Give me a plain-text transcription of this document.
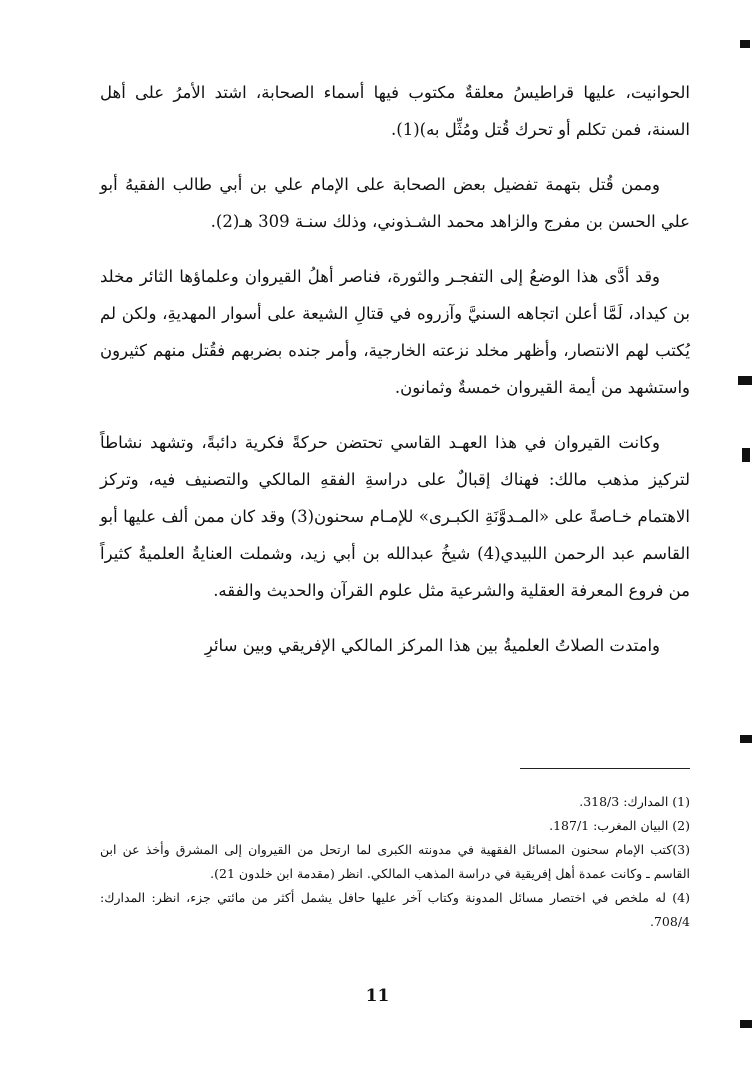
الحوانيت، عليها قراطيسُ معلقةٌ مكتوب فيها أسماء الصحابة، اشتد الأمرُ على أهل السنة، فمن تكلم أو تحرك قُتل ومُثِّل به)(1).

وممن قُتل بتهمة تفضيل بعض الصحابة على الإمام علي بن أبي طالب الفقيهُ أبو علي الحسن بن مفرج والزاهد محمد الشـذوني، وذلك سنـة 309 هـ(2).

وقد أدَّى هذا الوضعُ إلى التفجـر والثورة، فناصر أهلُ القيروان وعلماؤها الثائر مخلد بن كيداد، لَمَّا أعلن اتجاهه السنيَّ وآزروه في قتالِ الشيعة على أسوار المهديةِ، ولكن لم يُكتب لهم الانتصار، وأظهر مخلد نزعته الخارجية، وأمر جنده بضربهم فقُتل منهم كثيرون واستشهد من أيمة القيروان خمسةٌ وثمانون.

وكانت القيروان في هذا العهـد القاسي تحتضن حركةً فكرية دائبةً، وتشهد نشاطاً لتركيز مذهب مالك: فهناك إقبالٌ على دراسةِ الفقهِ المالكي والتصنيف فيه، وتركز الاهتمام خـاصةً على «المـدوَّنَةِ الكبـرى» للإمـام سحنون(3) وقد كان ممن ألف عليها أبو القاسم عبد الرحمن اللبيدي(4) شيخُ عبدالله بن أبي زيد، وشملت العنايةُ العلميةُ كثيراً من فروع المعرفة العقلية والشرعية مثل علوم القرآن والحديث والفقه.

وامتدت الصلاتُ العلميةُ بين هذا المركز المالكي الإفريقي وبين سائرِ

(1) المدارك: 318/3.

(2) البيان المغرب: 187/1.

(3)كتب الإمام سحنون المسائل الفقهية في مدونته الكبرى لما ارتحل من القيروان إلى المشرق وأخذ عن ابن القاسم ـ وكانت عمدة أهل إفريقية في دراسة المذهب المالكي. انظر (مقدمة ابن خلدون 21).

(4) له ملخص في اختصار مسائل المدونة وكتاب آخر عليها حافل يشمل أكثر من مائتي جزء، انظر: المدارك: 708/4.

11
